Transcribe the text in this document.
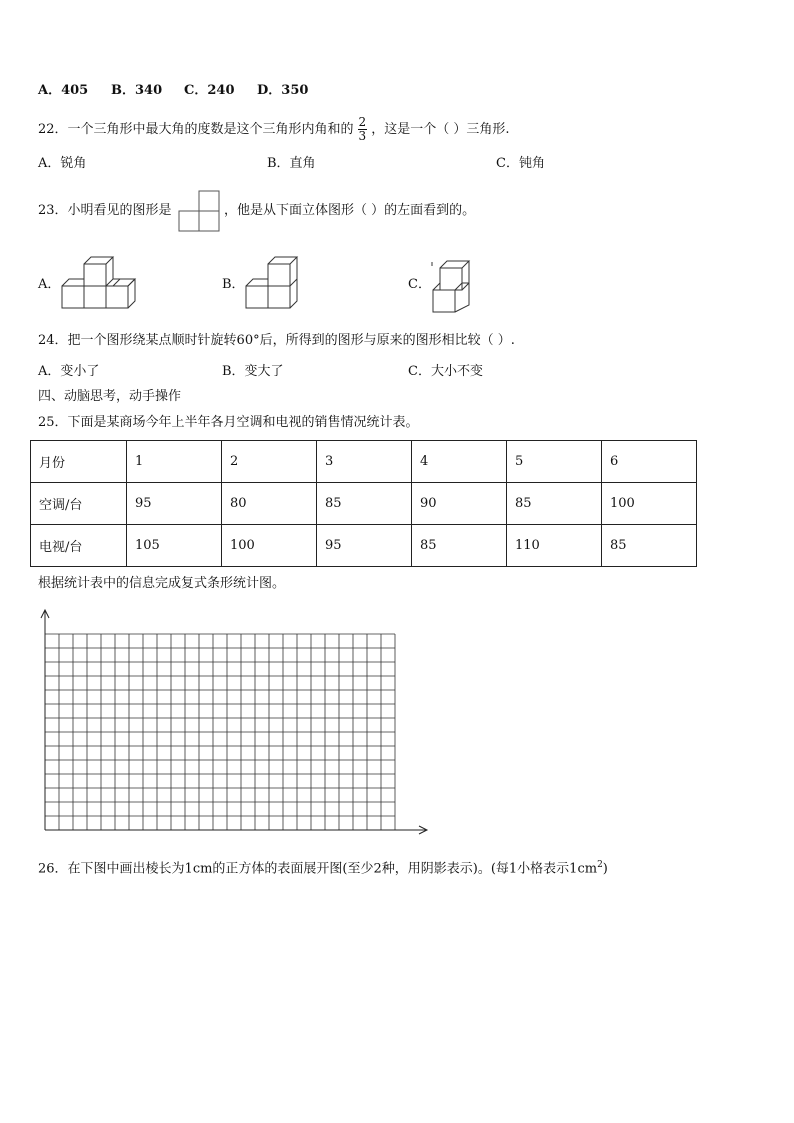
A．405 B．340 C．240 D．350
22．一个三角形中最大角的度数是这个三角形内角和的 $\frac{2}{3}$ ，这是一个（ ）三角形.
A．锐角	B．直角	C．钝角
23．小明看见的图形是	，他是从下面立体图形（ ）的左面看到的。
A．	B．	C．
24．把一个图形绕某点顺时针旋转60°后，所得到的图形与原来的图形相比较（ ）.
A．变小了	B．变大了	C．大小不变
四、动脑思考，动手操作
25．下面是某商场今年上半年各月空调和电视的销售情况统计表。
月份	1	2	3	4	5	6
空调/台	95	80	85	90	85	100
电视/台	105	100	95	85	110	85
根据统计表中的信息完成复式条形统计图。
26．在下图中画出棱长为1cm的正方体的表面展开图(至少2种，用阴影表示)。(每1小格表示$1cm^2$)
